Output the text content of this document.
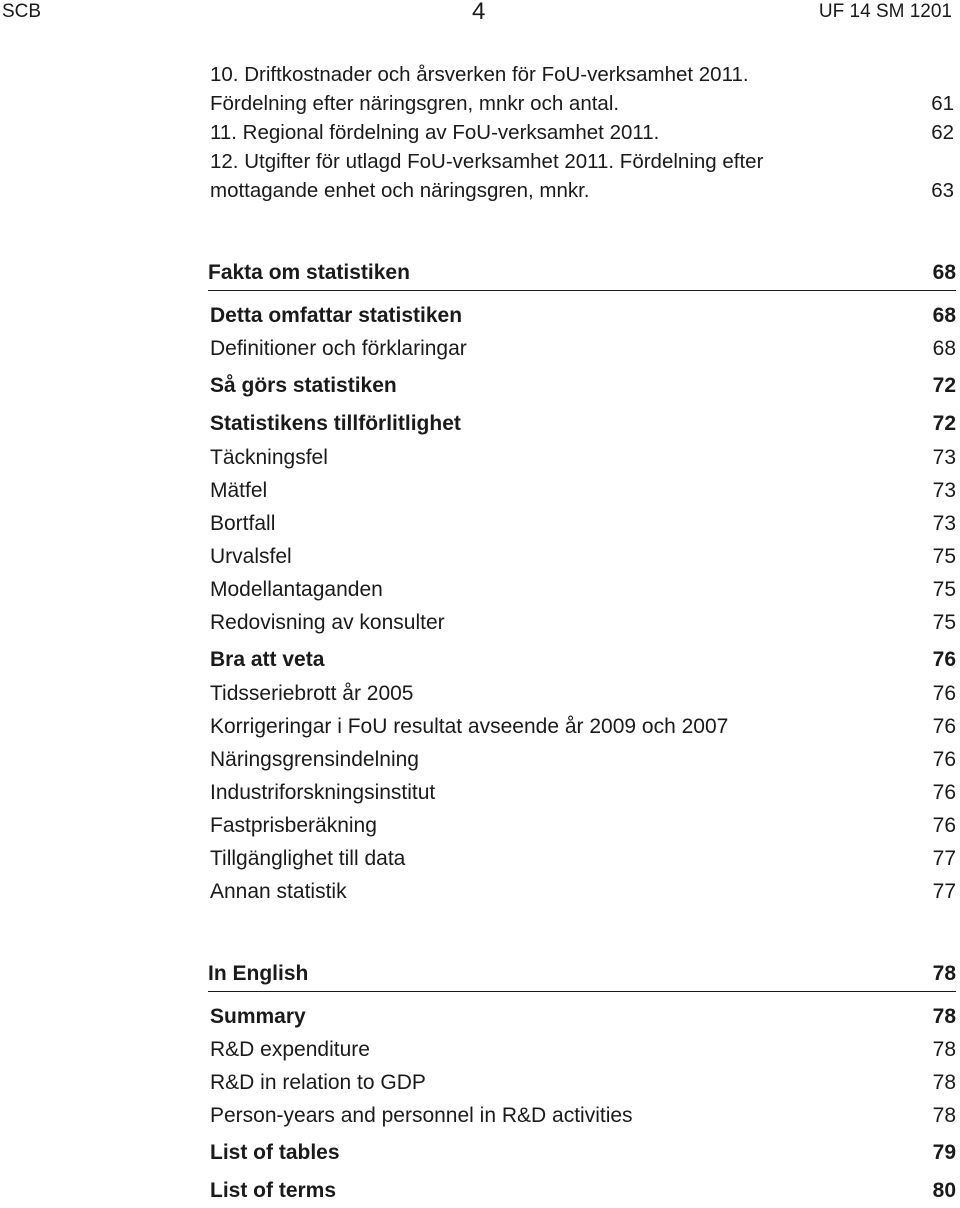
SCB	4	UF 14 SM 1201
10. Driftkostnader och årsverken för FoU-verksamhet 2011.
Fördelning efter näringsgren, mnkr och antal.	61
11. Regional fördelning av FoU-verksamhet 2011.	62
12. Utgifter för utlagd FoU-verksamhet 2011. Fördelning efter
mottagande enhet och näringsgren, mnkr.	63
Fakta om statistiken	68
Detta omfattar statistiken	68
Definitioner och förklaringar	68
Så görs statistiken	72
Statistikens tillförlitlighet	72
Täckningsfel	73
Mätfel	73
Bortfall	73
Urvalsfel	75
Modellantaganden	75
Redovisning av konsulter	75
Bra att veta	76
Tidsseriebrott år 2005	76
Korrigeringar i FoU resultat avseende år 2009 och 2007	76
Näringsgrensindelning	76
Industriforskningsinstitut	76
Fastprisberäkning	76
Tillgänglighet till data	77
Annan statistik	77
In English	78
Summary	78
R&D expenditure	78
R&D in relation to GDP	78
Person-years and personnel in R&D activities	78
List of tables	79
List of terms	80
